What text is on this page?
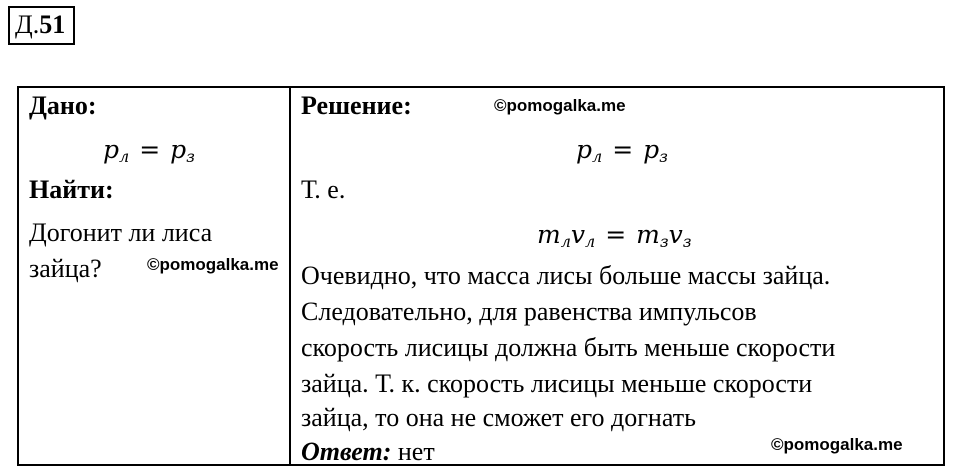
Д.51
Дано:
$p_л = p_з$
Найти:
Догонит ли лиса
зайца?	©pomogalka.me
Решение:	©pomogalka.me
$p_л = p_з$
Т. е.
$m_лv_л = m_зv_з$
Очевидно, что масса лисы больше массы зайца.
Следовательно, для равенства импульсов
скорость лисицы должна быть меньше скорости
зайца. Т. к. скорость лисицы меньше скорости
зайца, то она не сможет его догнать
Ответ: нет	©pomogalka.me
